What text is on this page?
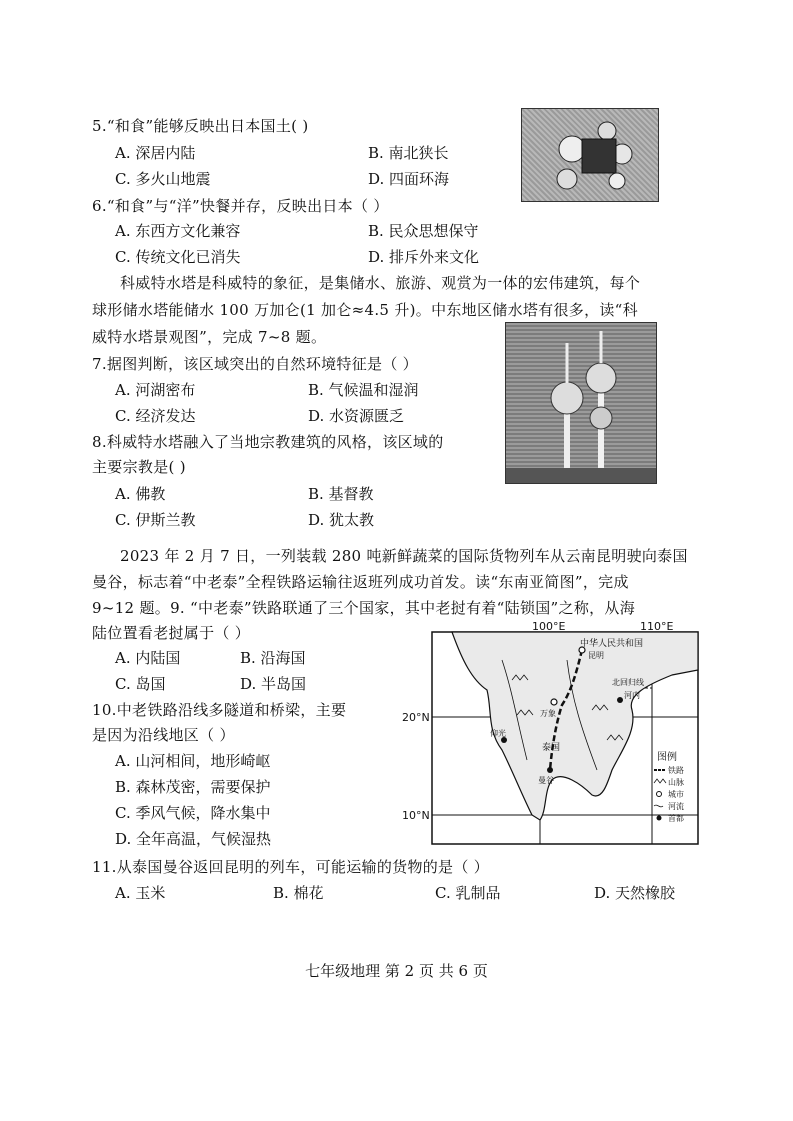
5.“和食”能够反映出日本国土( )
A. 深居内陆	B. 南北狭长
C. 多火山地震	D. 四面环海
6.“和食”与“洋”快餐并存，反映出日本（ ）
A. 东西方文化兼容	B. 民众思想保守
C. 传统文化已消失	D. 排斥外来文化
科威特水塔是科威特的象征，是集储水、旅游、观赏为一体的宏伟建筑，每个
球形储水塔能储水 100 万加仑(1 加仑≈4.5 升)。中东地区储水塔有很多，读“科
威特水塔景观图”，完成 7~8 题。
7.据图判断，该区域突出的自然环境特征是（ ）
A. 河湖密布	B. 气候温和湿润
C. 经济发达	D. 水资源匮乏
8.科威特水塔融入了当地宗教建筑的风格，该区域的
主要宗教是( )
A. 佛教	B. 基督教
C. 伊斯兰教	D. 犹太教
2023 年 2 月 7 日，一列装载 280 吨新鲜蔬菜的国际货物列车从云南昆明驶向泰国
曼谷，标志着“中老泰”全程铁路运输往返班列成功首发。读“东南亚简图”，完成
9~12 题。9. “中老泰”铁路联通了三个国家，其中老挝有着“陆锁国”之称，从海
陆位置看老挝属于（ ）
A. 内陆国	B. 沿海国
C. 岛国	D. 半岛国
10.中老铁路沿线多隧道和桥梁，主要
是因为沿线地区（ ）
A. 山河相间，地形崎岖
B. 森林茂密，需要保护
C. 季风气候，降水集中
D. 全年高温，气候湿热
100°E	110°E
20°N
10°N
中华人民共和国
昆明
北回归线
万象
泰国
曼谷
河内
仰光
图例
铁路
山脉
城市
河流
首都
11.从泰国曼谷返回昆明的列车，可能运输的货物的是（ ）
A. 玉米	B. 棉花	C. 乳制品	D. 天然橡胶
七年级地理 第 2 页 共 6 页
